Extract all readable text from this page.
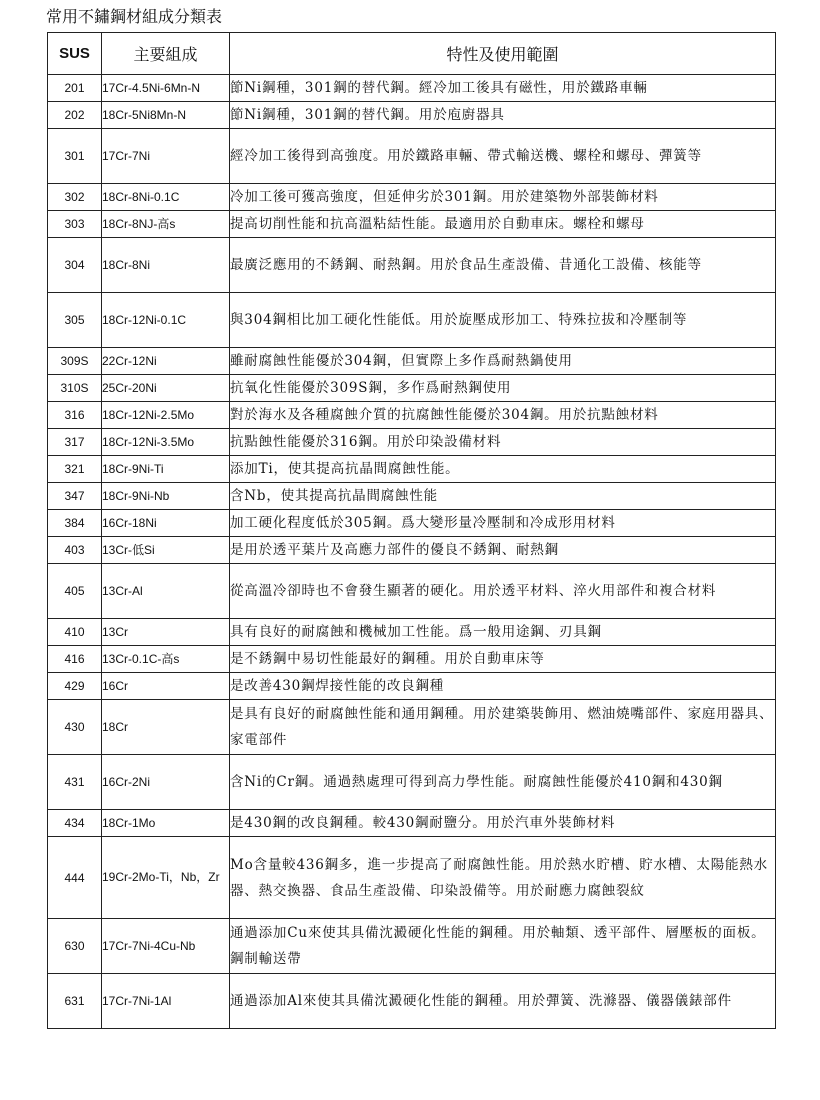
常用不鏽鋼材組成分類表
SUS	主要組成	特性及使用範圍
201	17Cr-4.5Ni-6Mn-N	節Ni鋼種，301鋼的替代鋼。經冷加工後具有磁性，用於鐵路車輛
202	18Cr-5Ni8Mn-N	節Ni鋼種，301鋼的替代鋼。用於庖廚器具
301	17Cr-7Ni	經冷加工後得到高強度。用於鐵路車輛、帶式輸送機、螺栓和螺母、彈簧等
302	18Cr-8Ni-0.1C	冷加工後可獲高強度，但延伸劣於301鋼。用於建築物外部裝飾材料
303	18Cr-8NJ-高s	提高切削性能和抗高溫粘結性能。最適用於自動車床。螺栓和螺母
304	18Cr-8Ni	最廣泛應用的不銹鋼、耐熱鋼。用於食品生產設備、昔通化工設備、核能等
305	18Cr-12Ni-0.1C	與304鋼相比加工硬化性能低。用於旋壓成形加工、特殊拉拔和冷壓制等
309S	22Cr-12Ni	雖耐腐蝕性能優於304鋼，但實際上多作爲耐熱鍋使用
310S	25Cr-20Ni	抗氧化性能優於309S鋼，多作爲耐熱鋼使用
316	18Cr-12Ni-2.5Mo	對於海水及各種腐蝕介質的抗腐蝕性能優於304鋼。用於抗點蝕材料
317	18Cr-12Ni-3.5Mo	抗點蝕性能優於316鋼。用於印染設備材料
321	18Cr-9Ni-Ti	添加Ti，使其提高抗晶間腐蝕性能。
347	18Cr-9Ni-Nb	含Nb，使其提高抗晶間腐蝕性能
384	16Cr-18Ni	加工硬化程度低於305鋼。爲大變形量冷壓制和冷成形用材料
403	13Cr-低Si	是用於透平葉片及高應力部件的優良不銹鋼、耐熱鋼
405	13Cr-Al	從高溫冷卻時也不會發生顯著的硬化。用於透平材料、淬火用部件和複合材料
410	13Cr	具有良好的耐腐蝕和機械加工性能。爲一般用途鋼、刃具鋼
416	13Cr-0.1C-高s	是不銹鋼中易切性能最好的鋼種。用於自動車床等
429	16Cr	是改善430鋼焊接性能的改良鋼種
430	18Cr	是具有良好的耐腐蝕性能和通用鋼種。用於建築裝飾用、燃油燒嘴部件、家庭用器具、家電部件
431	16Cr-2Ni	含Ni的Cr鋼。通過熱處理可得到高力學性能。耐腐蝕性能優於410鋼和430鋼
434	18Cr-1Mo	是430鋼的改良鋼種。較430鋼耐鹽分。用於汽車外裝飾材料
444	19Cr-2Mo-Ti，Nb，Zr	Mo含量較436鋼多，進一步提高了耐腐蝕性能。用於熱水貯槽、貯水槽、太陽能熱水器、熱交換器、食品生產設備、印染設備等。用於耐應力腐蝕裂紋
630	17Cr-7Ni-4Cu-Nb	通過添加Cu來使其具備沈澱硬化性能的鋼種。用於軸類、透平部件、層壓板的面板。鋼制輸送帶
631	17Cr-7Ni-1Al	通過添加Al來使其具備沈澱硬化性能的鋼種。用於彈簧、洗滌器、儀器儀錶部件
